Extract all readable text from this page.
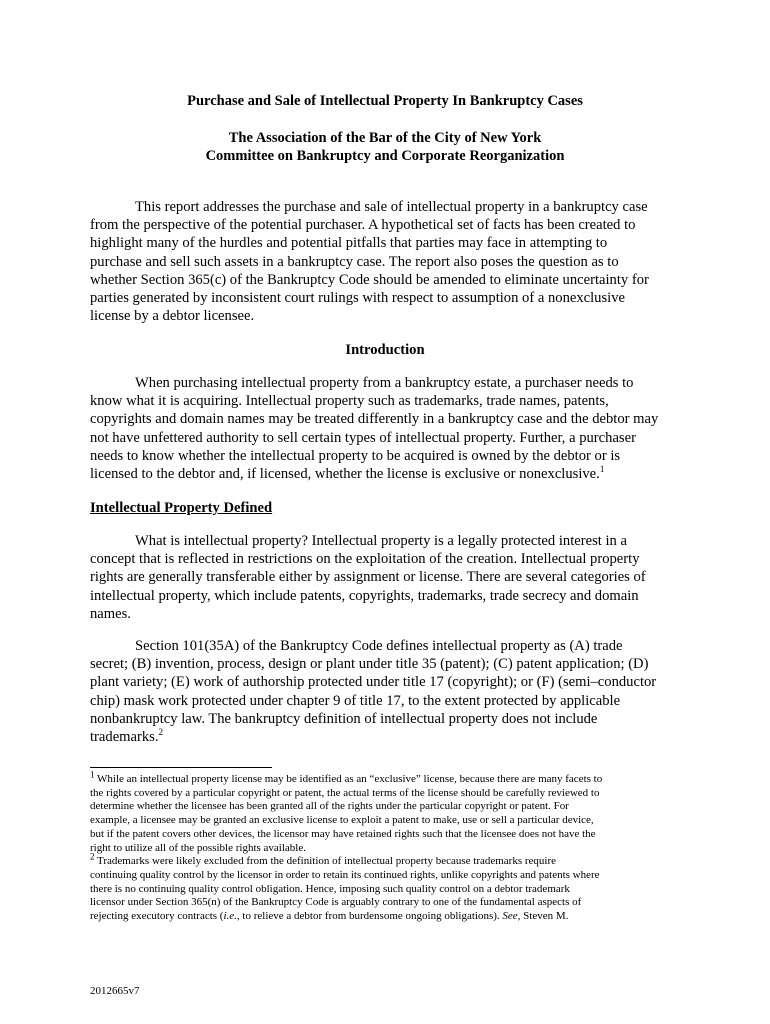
Purchase and Sale of Intellectual Property In Bankruptcy Cases
The Association of the Bar of the City of New York
Committee on Bankruptcy and Corporate Reorganization

This report addresses the purchase and sale of intellectual property in a bankruptcy case
from the perspective of the potential purchaser. A hypothetical set of facts has been created to
highlight many of the hurdles and potential pitfalls that parties may face in attempting to
purchase and sell such assets in a bankruptcy case. The report also poses the question as to
whether Section 365(c) of the Bankruptcy Code should be amended to eliminate uncertainty for
parties generated by inconsistent court rulings with respect to assumption of a nonexclusive
license by a debtor licensee.

Introduction

When purchasing intellectual property from a bankruptcy estate, a purchaser needs to
know what it is acquiring. Intellectual property such as trademarks, trade names, patents,
copyrights and domain names may be treated differently in a bankruptcy case and the debtor may
not have unfettered authority to sell certain types of intellectual property. Further, a purchaser
needs to know whether the intellectual property to be acquired is owned by the debtor or is
licensed to the debtor and, if licensed, whether the license is exclusive or nonexclusive.$^1$

Intellectual Property Defined

What is intellectual property? Intellectual property is a legally protected interest in a
concept that is reflected in restrictions on the exploitation of the creation. Intellectual property
rights are generally transferable either by assignment or license. There are several categories of
intellectual property, which include patents, copyrights, trademarks, trade secrecy and domain
names.

Section 101(35A) of the Bankruptcy Code defines intellectual property as (A) trade
secret; (B) invention, process, design or plant under title 35 (patent); (C) patent application; (D)
plant variety; (E) work of authorship protected under title 17 (copyright); or (F) (semi–conductor
chip) mask work protected under chapter 9 of title 17, to the extent protected by applicable
nonbankruptcy law. The bankruptcy definition of intellectual property does not include
trademarks.$^2$

$^1$ While an intellectual property license may be identified as an “exclusive” license, because there are many facets to
the rights covered by a particular copyright or patent, the actual terms of the license should be carefully reviewed to
determine whether the licensee has been granted all of the rights under the particular copyright or patent. For
example, a licensee may be granted an exclusive license to exploit a patent to make, use or sell a particular device,
but if the patent covers other devices, the licensor may have retained rights such that the licensee does not have the
right to utilize all of the possible rights available.
$^2$ Trademarks were likely excluded from the definition of intellectual property because trademarks require
continuing quality control by the licensor in order to retain its continued rights, unlike copyrights and patents where
there is no continuing quality control obligation. Hence, imposing such quality control on a debtor trademark
licensor under Section 365(n) of the Bankruptcy Code is arguably contrary to one of the fundamental aspects of
rejecting executory contracts (i.e., to relieve a debtor from burdensome ongoing obligations). See, Steven M.
2012665v7
